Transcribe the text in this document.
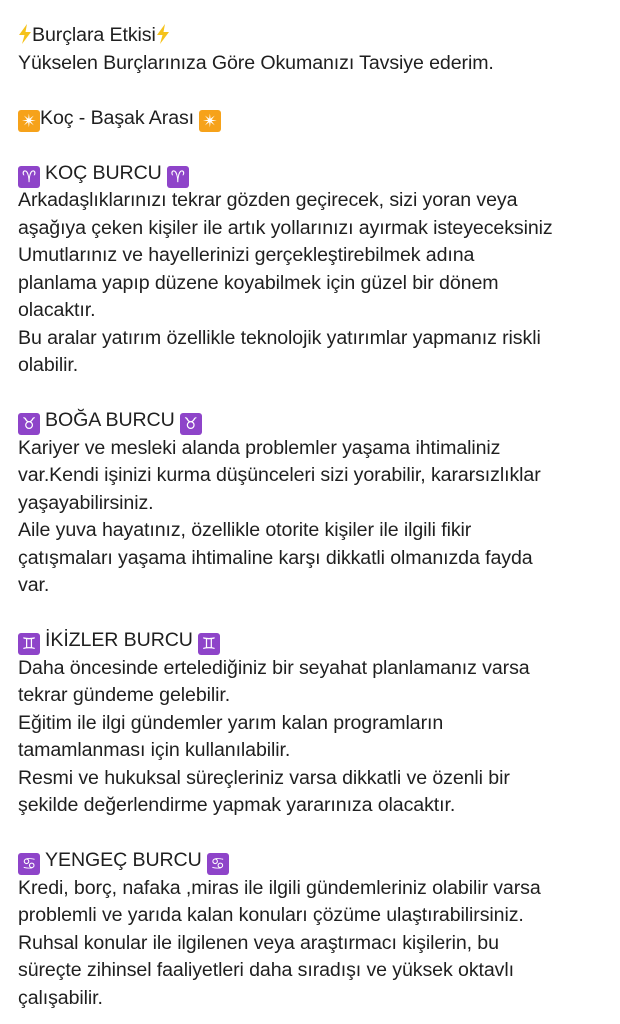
Burçlara Etkisi
Yükselen Burçlarınıza Göre Okumanızı Tavsiye ederim.
✴ Koç - Başak Arası ✴
♈ KOÇ BURCU ♈
Arkadaşlıklarınızı tekrar gözden geçirecek, sizi yoran veya
aşağıya çeken kişiler ile artık yollarınızı ayırmak isteyeceksiniz
Umutlarınız ve hayellerinizi gerçekleştirebilmek adına
planlama yapıp düzene koyabilmek için güzel bir dönem
olacaktır.
Bu aralar yatırım özellikle teknolojik yatırımlar yapmanız riskli
olabilir.
♉ BOĞA BURCU ♉
Kariyer ve mesleki alanda problemler yaşama ihtimaliniz
var.Kendi işinizi kurma düşünceleri sizi yorabilir, kararsızlıklar
yaşayabilirsiniz.
Aile yuva hayatınız, özellikle otorite kişiler ile ilgili fikir
çatışmaları yaşama ihtimaline karşı dikkatli olmanızda fayda
var.
♊ İKİZLER BURCU ♊
Daha öncesinde ertelediğiniz bir seyahat planlamanız varsa
tekrar gündeme gelebilir.
Eğitim ile ilgi gündemler yarım kalan programların
tamamlanması için kullanılabilir.
Resmi ve hukuksal süreçleriniz varsa dikkatli ve özenli bir
şekilde değerlendirme yapmak yararınıza olacaktır.
♋ YENGEÇ BURCU ♋
Kredi, borç, nafaka ,miras ile ilgili gündemleriniz olabilir varsa
problemli ve yarıda kalan konuları çözüme ulaştırabilirsiniz.
Ruhsal konular ile ilgilenen veya araştırmacı kişilerin, bu
süreçte zihinsel faaliyetleri daha sıradışı ve yüksek oktavlı
çalışabilir.
